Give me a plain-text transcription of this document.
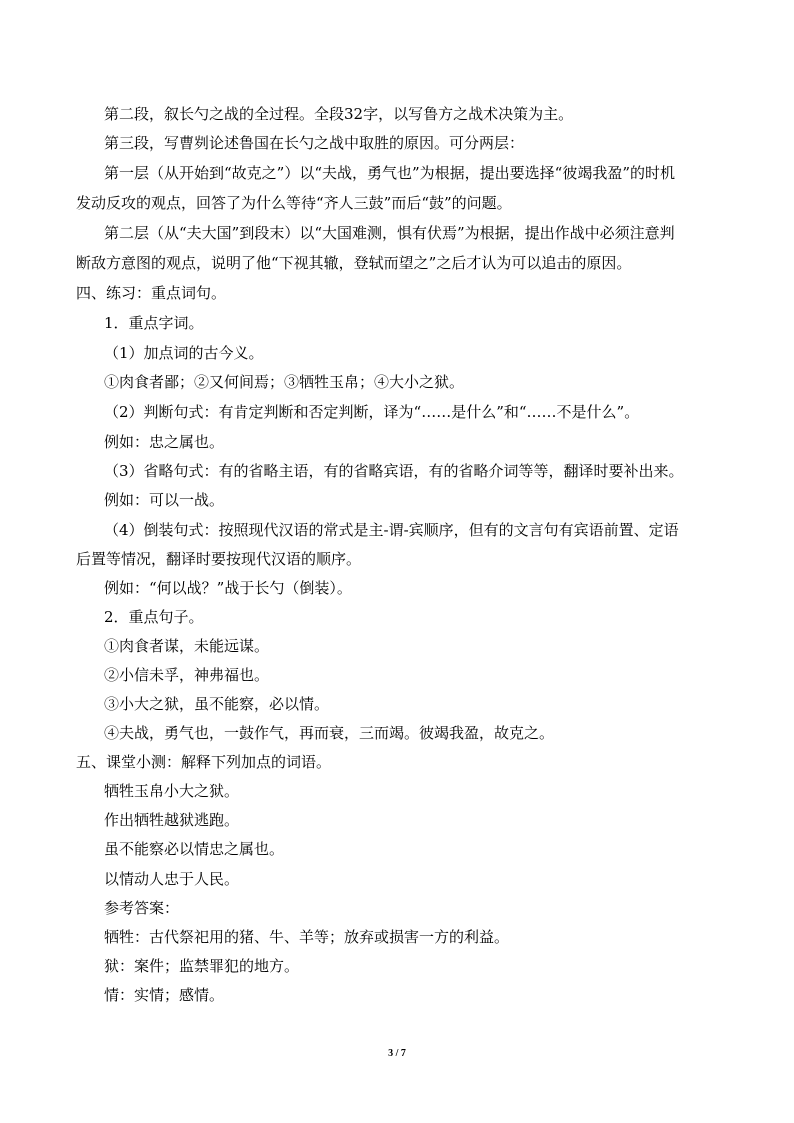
第二段，叙长勺之战的全过程。全段32字，以写鲁方之战术决策为主。
第三段，写曹刿论述鲁国在长勺之战中取胜的原因。可分两层：
第一层（从开始到“故克之”）以“夫战，勇气也”为根据，提出要选择“彼竭我盈”的时机
发动反攻的观点，回答了为什么等待“齐人三鼓”而后“鼓”的问题。
第二层（从“夫大国”到段末）以“大国难测，惧有伏焉”为根据，提出作战中必须注意判
断敌方意图的观点，说明了他“下视其辙，登轼而望之”之后才认为可以追击的原因。
四、练习：重点词句。
1．重点字词。
（1）加点词的古今义。
①肉食者鄙；②又何间焉；③牺牲玉帛；④大小之狱。
（2）判断句式：有肯定判断和否定判断，译为“……是什么”和“……不是什么”。
例如：忠之属也。
（3）省略句式：有的省略主语，有的省略宾语，有的省略介词等等，翻译时要补出来。
例如：可以一战。
（4）倒装句式：按照现代汉语的常式是主-谓-宾顺序，但有的文言句有宾语前置、定语
后置等情况，翻译时要按现代汉语的顺序。
例如：“何以战？”战于长勺（倒装）。
2．重点句子。
①肉食者谋，未能远谋。
②小信未孚，神弗福也。
③小大之狱，虽不能察，必以情。
④夫战，勇气也，一鼓作气，再而衰，三而竭。彼竭我盈，故克之。
五、课堂小测：解释下列加点的词语。
牺牲玉帛小大之狱。
作出牺牲越狱逃跑。
虽不能察必以情忠之属也。
以情动人忠于人民。
参考答案：
牺牲：古代祭祀用的猪、牛、羊等；放弃或损害一方的利益。
狱：案件；监禁罪犯的地方。
情：实情；感情。
3 / 7
